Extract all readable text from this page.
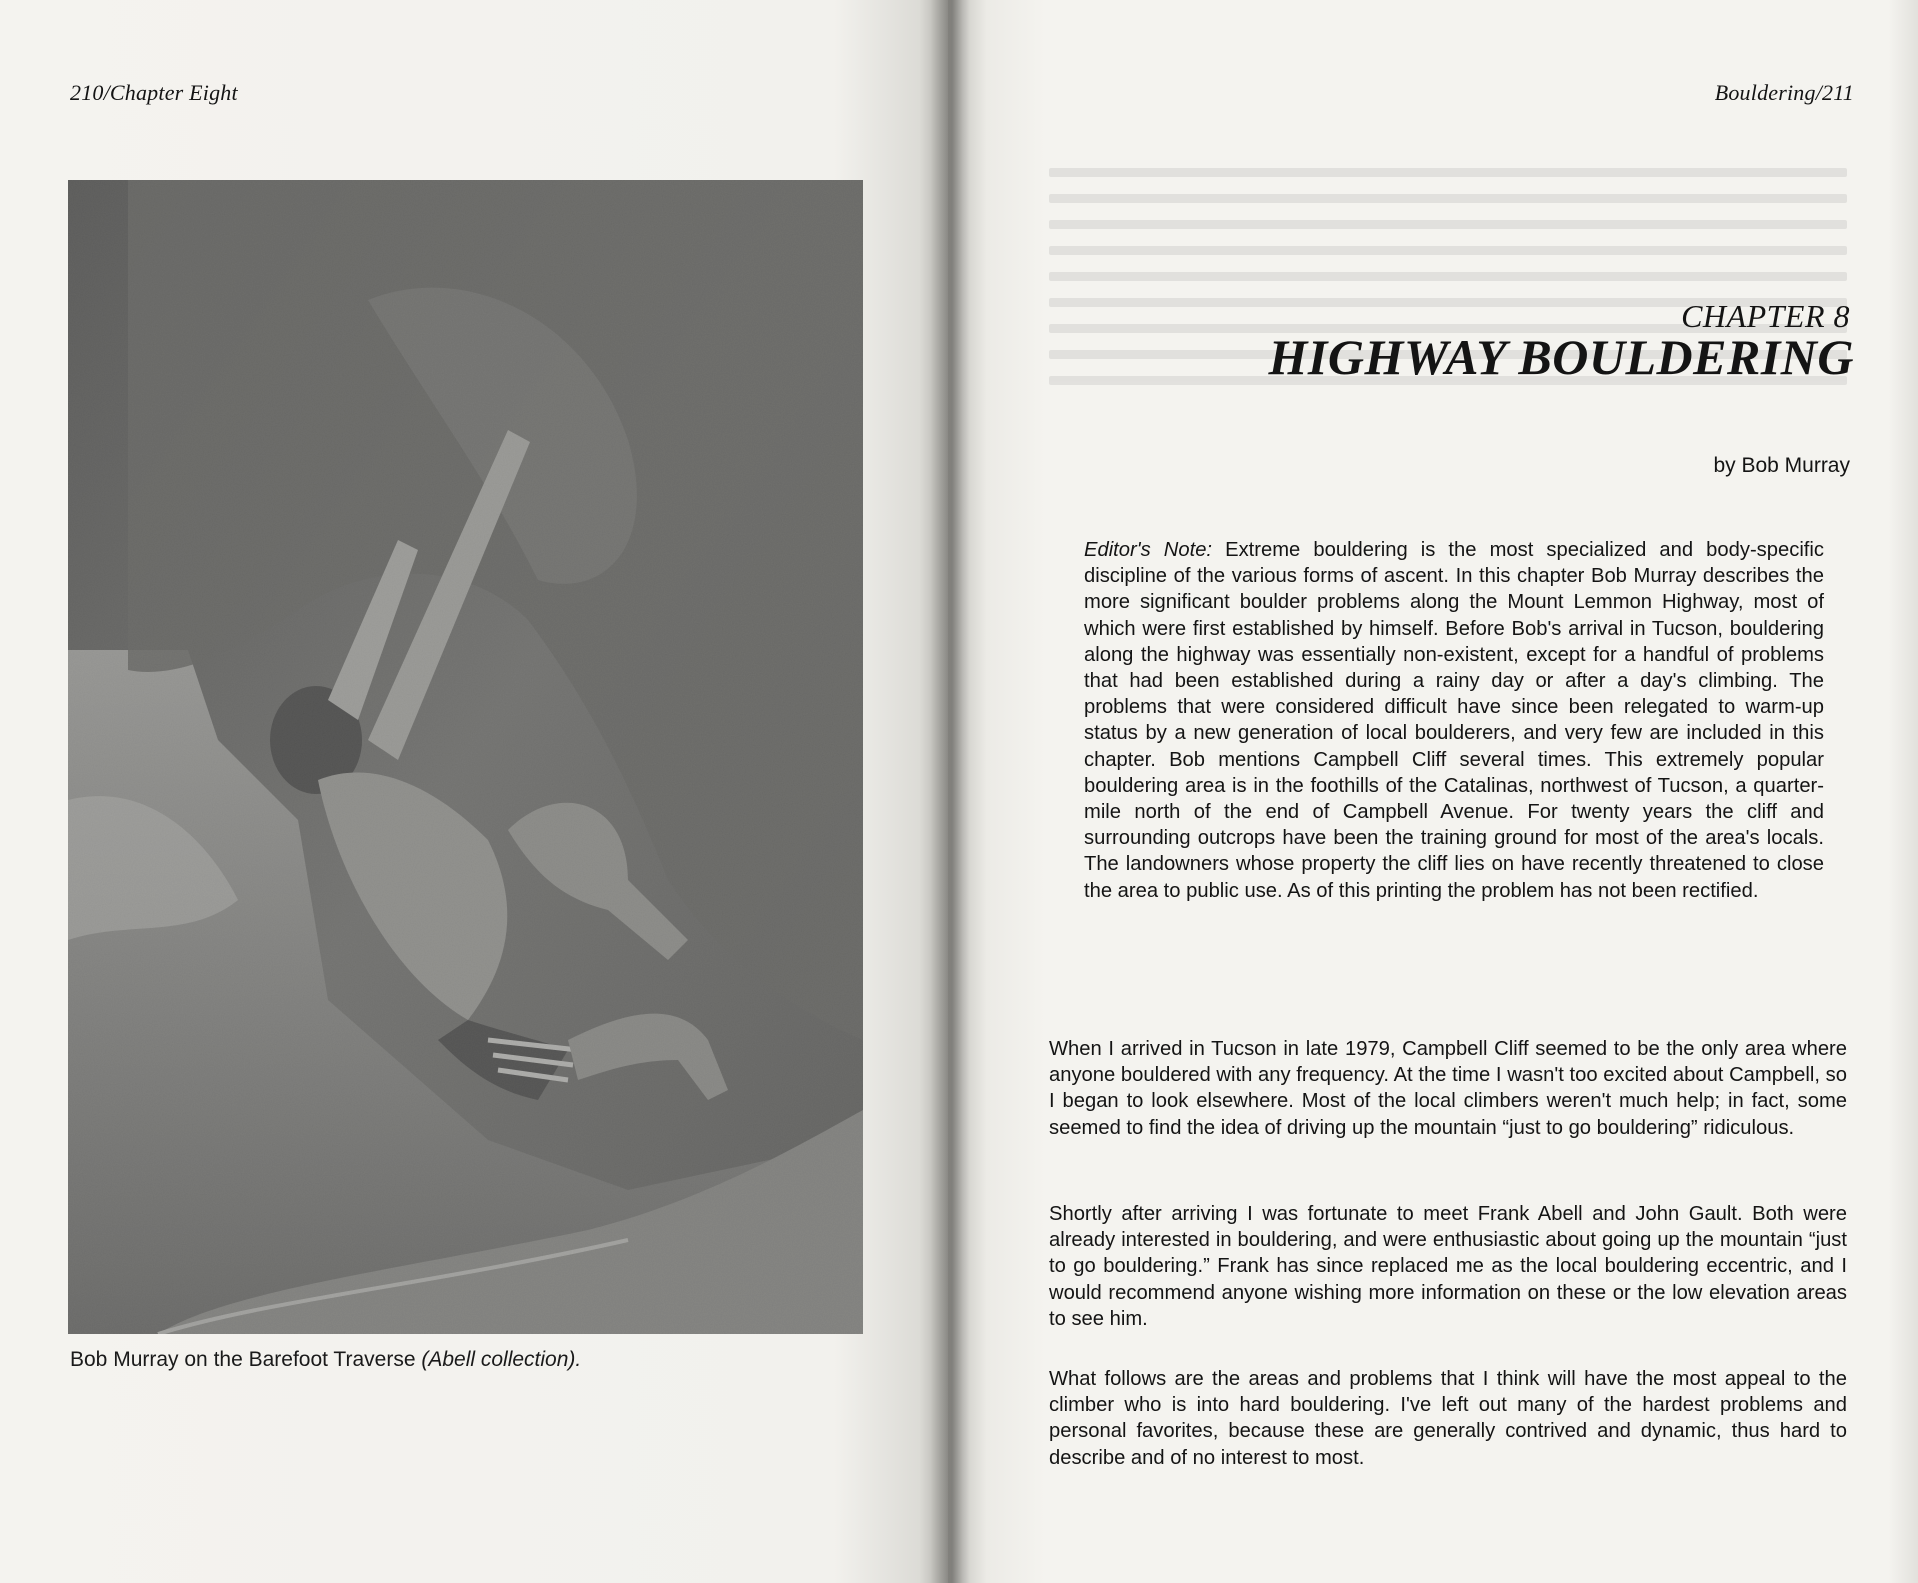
210/Chapter Eight
Bob Murray on the Barefoot Traverse (Abell collection).
Bouldering/211
CHAPTER 8
HIGHWAY BOULDERING
by Bob Murray
Editor's Note: Extreme bouldering is the most specialized and body-specific discipline of the various forms of ascent. In this chapter Bob Murray describes the more significant boulder problems along the Mount Lemmon Highway, most of which were first established by himself. Before Bob's arrival in Tucson, bouldering along the highway was essentially non-existent, except for a handful of problems that had been established during a rainy day or after a day's climbing. The problems that were considered difficult have since been relegated to warm-up status by a new generation of local boulderers, and very few are included in this chapter. Bob mentions Campbell Cliff several times. This extremely popular bouldering area is in the foothills of the Catalinas, northwest of Tucson, a quarter-mile north of the end of Campbell Avenue. For twenty years the cliff and surrounding outcrops have been the training ground for most of the area's locals. The landowners whose property the cliff lies on have recently threatened to close the area to public use. As of this printing the problem has not been rectified.

When I arrived in Tucson in late 1979, Campbell Cliff seemed to be the only area where anyone bouldered with any frequency. At the time I wasn't too excited about Campbell, so I began to look elsewhere. Most of the local climbers weren't much help; in fact, some seemed to find the idea of driving up the mountain “just to go bouldering” ridiculous.

Shortly after arriving I was fortunate to meet Frank Abell and John Gault. Both were already interested in bouldering, and were enthusiastic about going up the mountain “just to go bouldering.” Frank has since replaced me as the local bouldering eccentric, and I would recommend anyone wishing more information on these or the low elevation areas to see him.

What follows are the areas and problems that I think will have the most appeal to the climber who is into hard bouldering. I've left out many of the hardest problems and personal favorites, because these are generally contrived and dynamic, thus hard to describe and of no interest to most.
